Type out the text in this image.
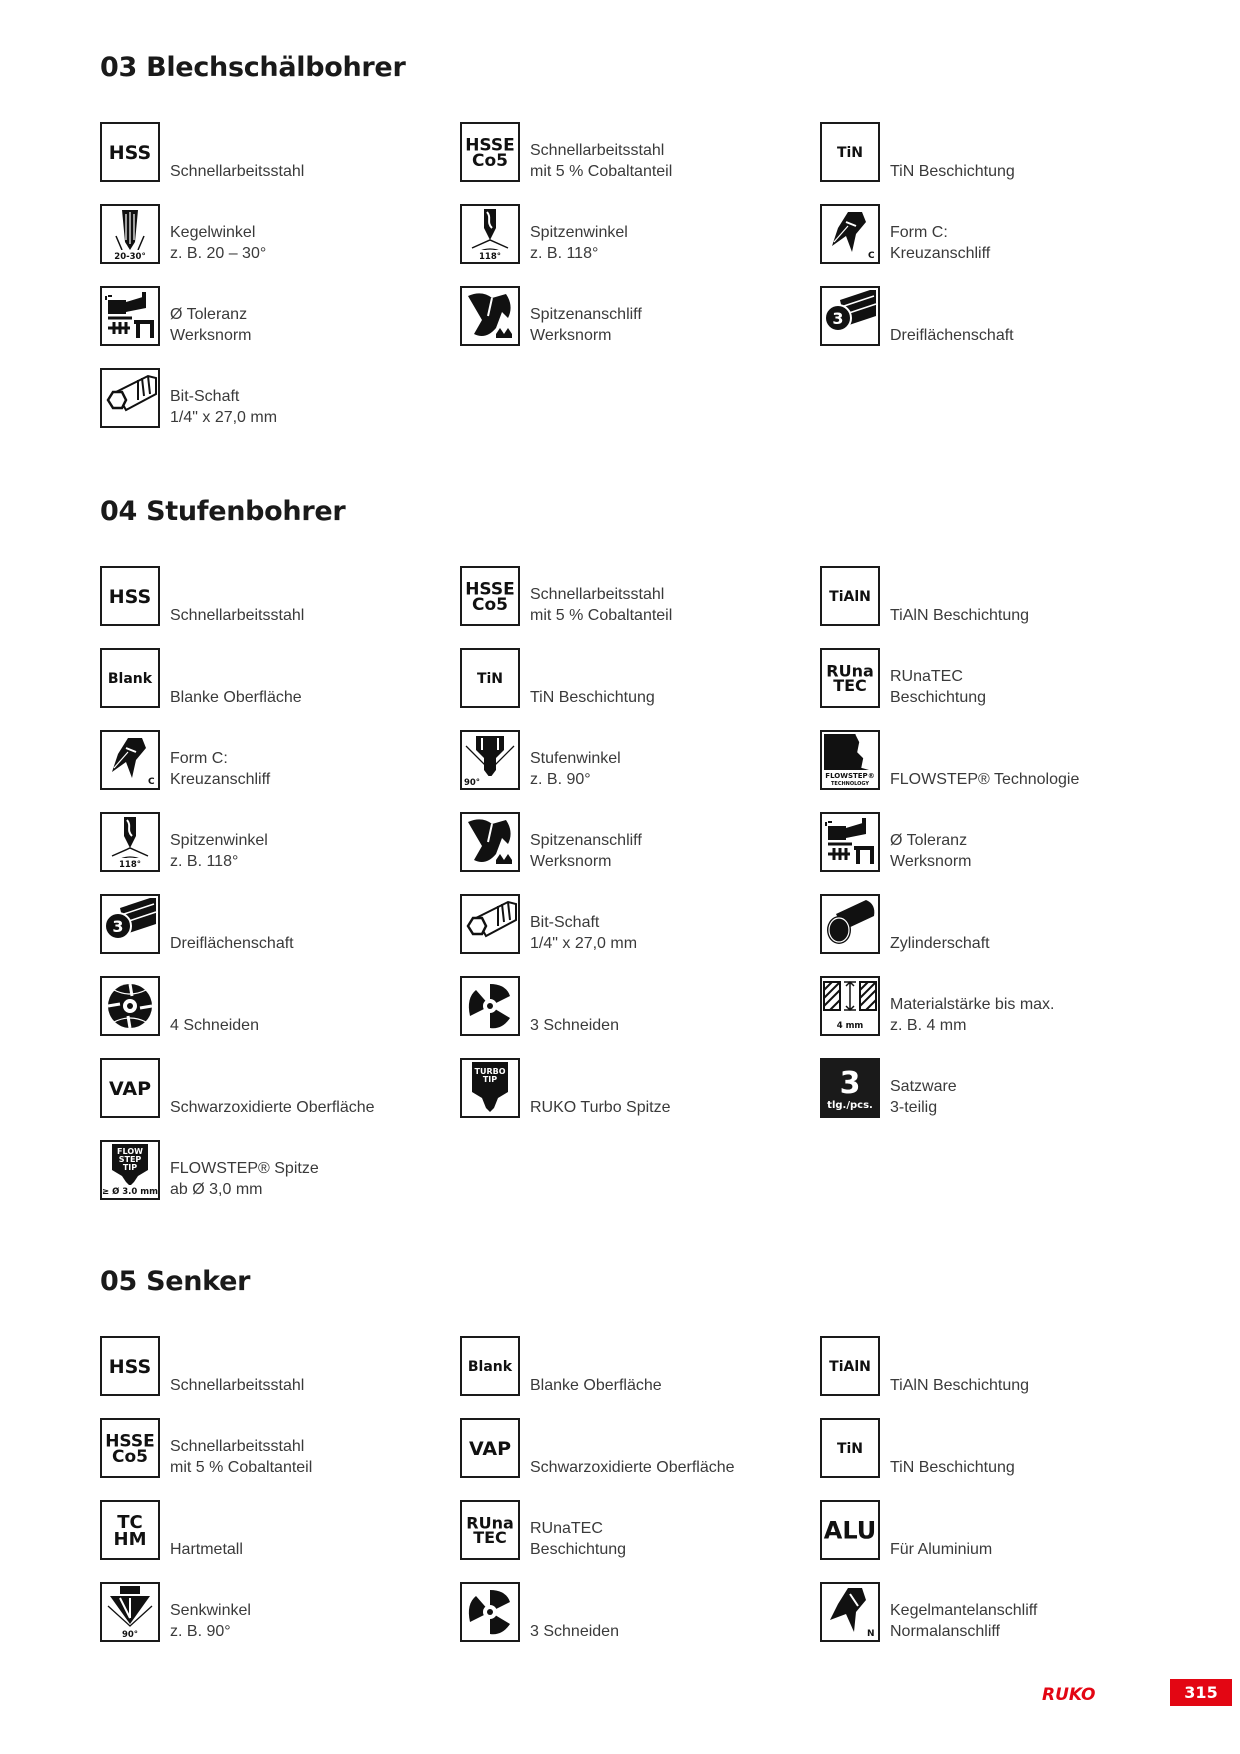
03 Blechschälbohrer
HSS
Schnellarbeitsstahl
HSSE
Co5
Schnellarbeitsstahl
mit 5 % Cobaltanteil
TiN
TiN Beschichtung
20-30°
Kegelwinkel
z. B. 20 – 30°	118°
Spitzenwinkel
z. B. 118°	C
Form C:
Kreuzanschliff
Ø Toleranz
Werksnorm
Spitzenanschliff
Werksnorm
3
Dreiflächenschaft
Bit-Schaft
1/4" x 27,0 mm
04 Stufenbohrer
HSS
Schnellarbeitsstahl
HSSE
Co5
Schnellarbeitsstahl
mit 5 % Cobaltanteil
TiAlN
TiAlN Beschichtung
Blank
Blanke Oberfläche
TiN
TiN Beschichtung
RUna
TEC RUnaTEC
Beschichtung
C
Form C:
Kreuzanschliff	90°
Stufenwinkel
z. B. 90°	FLOWSTEP®
TECHNOLOGY FLOWSTEP® Technologie
118°
Spitzenwinkel
z. B. 118°
Spitzenanschliff
Werksnorm
Ø Toleranz
Werksnorm
3
Dreiflächenschaft
Bit-Schaft
1/4" x 27,0 mm	Zylinderschaft
4 Schneiden	3 Schneiden	4 mm
Materialstärke bis max.
z. B. 4 mm
VAP
Schwarzoxidierte Oberfläche
TURBO
TIP
RUKO Turbo Spitze
3
tlg./pcs.
Satzware
3-teilig
FLOW
STEP
TIP
≥ Ø 3.0 mm
FLOWSTEP® Spitze
ab Ø 3,0 mm
05 Senker
HSS
Schnellarbeitsstahl
Blank
Blanke Oberfläche
TiAlN
TiAlN Beschichtung
HSSE
Co5
Schnellarbeitsstahl
mit 5 % Cobaltanteil
VAP
Schwarzoxidierte Oberfläche
TiN
TiN Beschichtung
TC
HM Hartmetall
RUna
TEC RUnaTEC
Beschichtung
ALU
Für Aluminium
90°
Senkwinkel
z. B. 90°	3 Schneiden	N
Kegelmantelanschliff
Normalanschliff
RUKO	315
